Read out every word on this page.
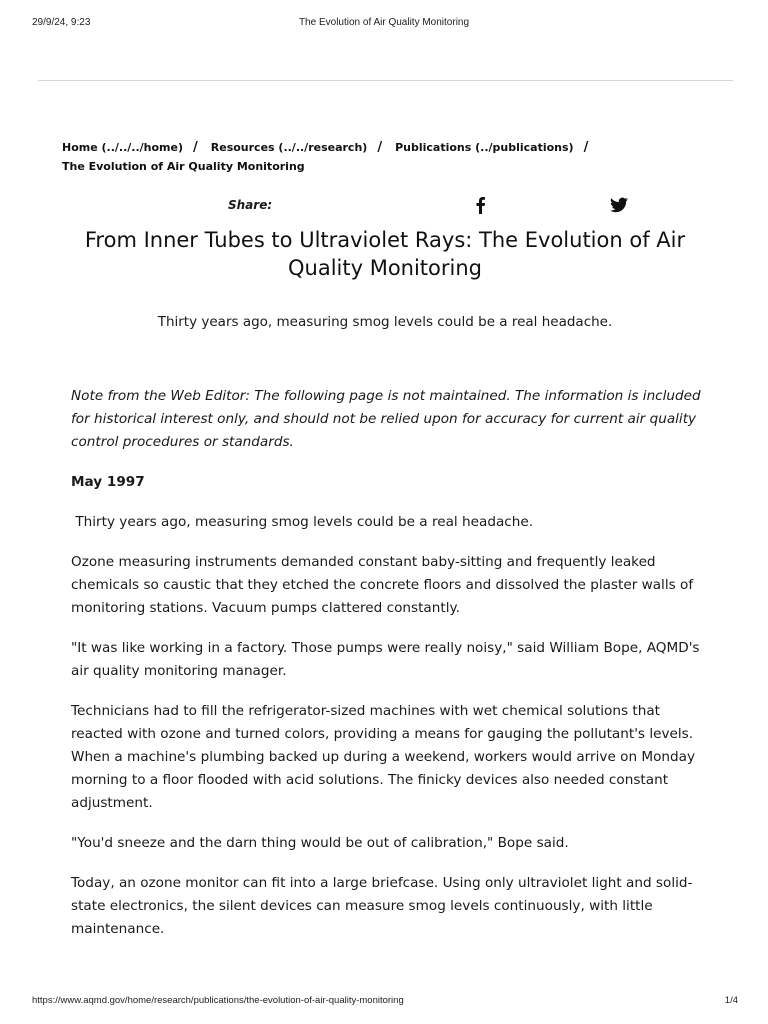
29/9/24, 9:23	The Evolution of Air Quality Monitoring
Home (../../../home) / Resources (../../research) / Publications (../publications) /
The Evolution of Air Quality Monitoring
Share:
From Inner Tubes to Ultraviolet Rays: The Evolution of Air Quality Monitoring
Thirty years ago, measuring smog levels could be a real headache.

Note from the Web Editor: The following page is not maintained. The information is included for historical interest only, and should not be relied upon for accuracy for current air quality control procedures or standards.

May 1997

Thirty years ago, measuring smog levels could be a real headache.

Ozone measuring instruments demanded constant baby-sitting and frequently leaked chemicals so caustic that they etched the concrete floors and dissolved the plaster walls of monitoring stations. Vacuum pumps clattered constantly.

"It was like working in a factory. Those pumps were really noisy," said William Bope, AQMD's air quality monitoring manager.

Technicians had to fill the refrigerator-sized machines with wet chemical solutions that reacted with ozone and turned colors, providing a means for gauging the pollutant's levels. When a machine's plumbing backed up during a weekend, workers would arrive on Monday morning to a floor flooded with acid solutions. The finicky devices also needed constant adjustment.

"You'd sneeze and the darn thing would be out of calibration," Bope said.

Today, an ozone monitor can fit into a large briefcase. Using only ultraviolet light and solid-state electronics, the silent devices can measure smog levels continuously, with little maintenance.

https://www.aqmd.gov/home/research/publications/the-evolution-of-air-quality-monitoring	1/4
